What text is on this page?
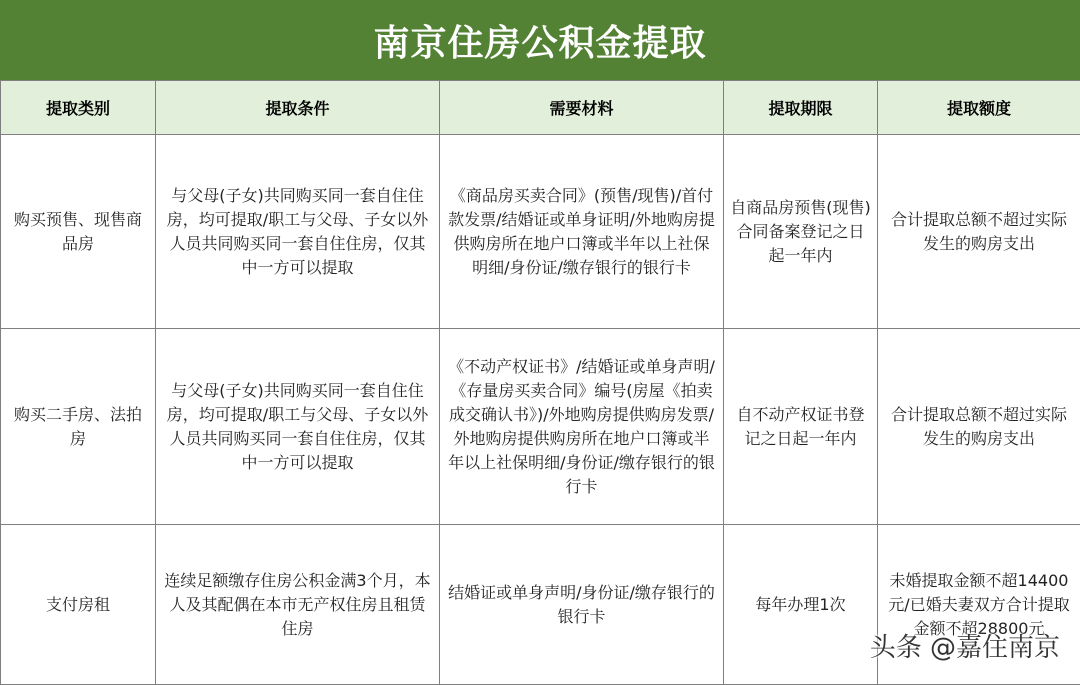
南京住房公积金提取
提取类别	提取条件	需要材料	提取期限	提取额度
购买预售、现售商品房	与父母(子女)共同购买同一套自住住房，均可提取/职工与父母、子女以外人员共同购买同一套自住住房，仅其中一方可以提取	《商品房买卖合同》(预售/现售)/首付款发票/结婚证或单身证明/外地购房提供购房所在地户口簿或半年以上社保明细/身份证/缴存银行的银行卡	自商品房预售(现售)合同备案登记之日起一年内	合计提取总额不超过实际发生的购房支出
购买二手房、法拍房	与父母(子女)共同购买同一套自住住房，均可提取/职工与父母、子女以外人员共同购买同一套自住住房，仅其中一方可以提取	《不动产权证书》/结婚证或单身声明/《存量房买卖合同》编号(房屋《拍卖成交确认书》)/外地购房提供购房发票/外地购房提供购房所在地户口簿或半年以上社保明细/身份证/缴存银行的银行卡	自不动产权证书登记之日起一年内	合计提取总额不超过实际发生的购房支出
支付房租	连续足额缴存住房公积金满3个月，本人及其配偶在本市无产权住房且租赁住房	结婚证或单身声明/身份证/缴存银行的银行卡	每年办理1次	未婚提取金额不超14400元/已婚夫妻双方合计提取金额不超28800元
头条 @嘉住南京
